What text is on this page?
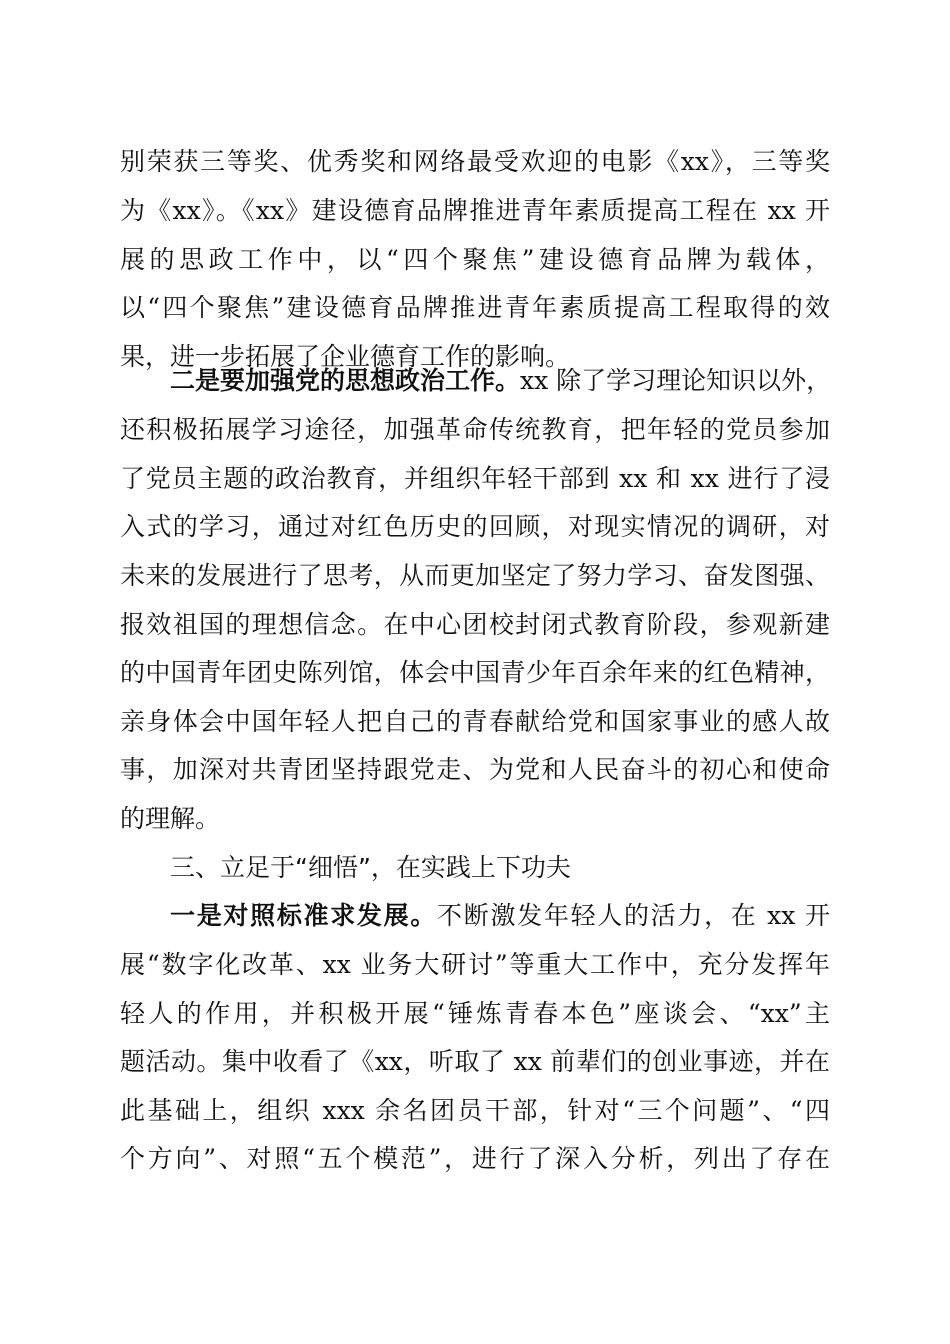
别荣获三等奖、优秀奖和网络最受欢迎的电影《xx》，三等奖
为《xx》。《xx》建设德育品牌推进青年素质提高工程在 xx 开
展的思政工作中，以“四个聚焦”建设德育品牌为载体，
以“四个聚焦”建设德育品牌推进青年素质提高工程取得的效
果，进一步拓展了企业德育工作的影响。
二是要加强党的思想政治工作。xx 除了学习理论知识以外，
还积极拓展学习途径，加强革命传统教育，把年轻的党员参加
了党员主题的政治教育，并组织年轻干部到 xx 和 xx 进行了浸
入式的学习，通过对红色历史的回顾，对现实情况的调研，对
未来的发展进行了思考，从而更加坚定了努力学习、奋发图强、
报效祖国的理想信念。在中心团校封闭式教育阶段，参观新建
的中国青年团史陈列馆，体会中国青少年百余年来的红色精神，
亲身体会中国年轻人把自己的青春献给党和国家事业的感人故
事，加深对共青团坚持跟党走、为党和人民奋斗的初心和使命
的理解。
三、立足于“细悟”，在实践上下功夫
一是对照标准求发展。不断激发年轻人的活力，在 xx 开
展“数字化改革、xx 业务大研讨”等重大工作中，充分发挥年
轻人的作用，并积极开展“锤炼青春本色”座谈会、“xx”主
题活动。集中收看了《xx，听取了 xx 前辈们的创业事迹，并在
此基础上，组织 xxx 余名团员干部，针对“三个问题”、“四
个方向”、对照“五个模范”，进行了深入分析，列出了存在
